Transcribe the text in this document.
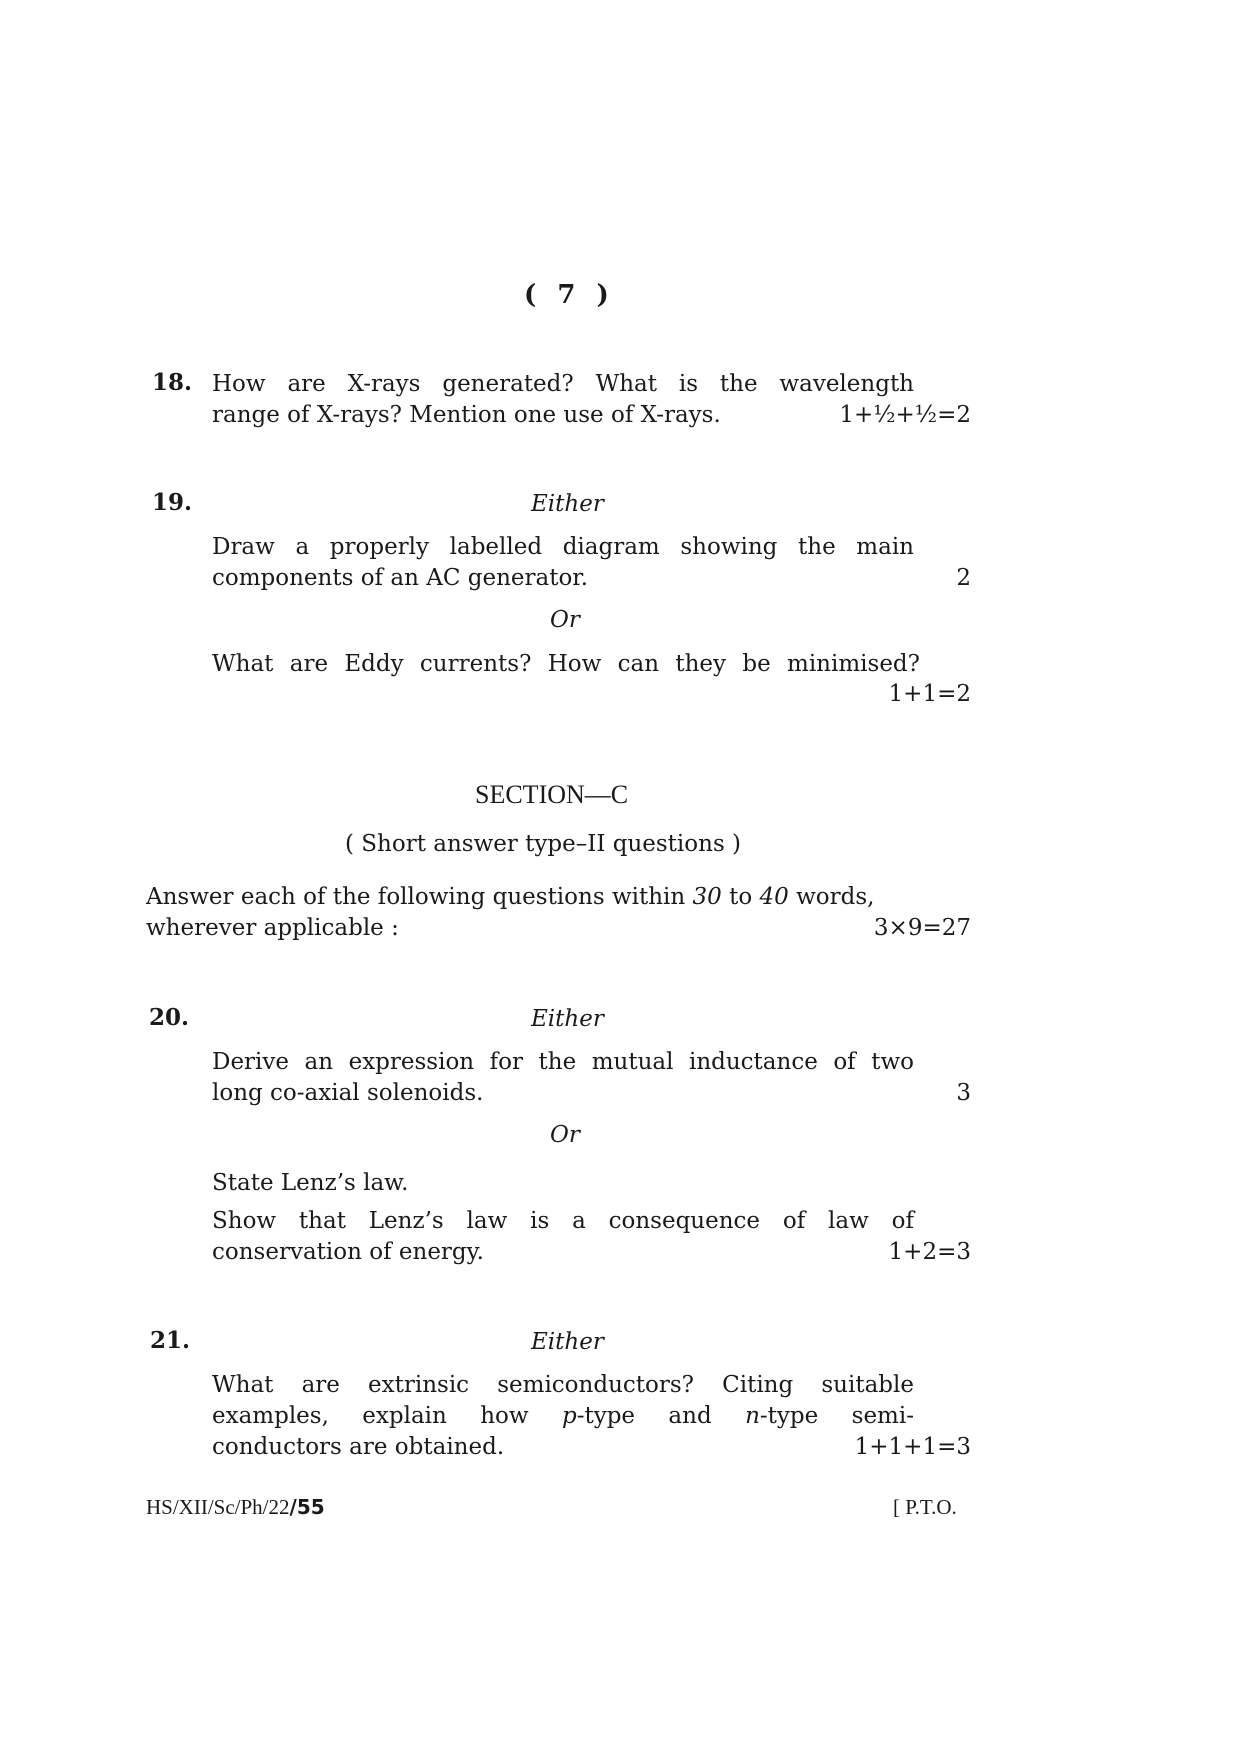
( 7 )
18. How are X-rays generated? What is the wavelength
range of X-rays? Mention one use of X-rays.	1+½+½=2
19.	Either
Draw a properly labelled diagram showing the main
components of an AC generator.	2
Or
What are Eddy currents? How can they be minimised?
1+1=2
SECTION—C
( Short answer type–II questions )
Answer each of the following questions within 30 to 40 words,
wherever applicable :	3×9=27
20.	Either
Derive an expression for the mutual inductance of two
long co-axial solenoids.	3
Or
State Lenz’s law.
Show that Lenz’s law is a consequence of law of
conservation of energy.	1+2=3
21.	Either
What are extrinsic semiconductors? Citing suitable
examples, explain how p-type and n-type semi-
conductors are obtained.	1+1+1=3
HS/XII/Sc/Ph/22/55	[ P.T.O.
